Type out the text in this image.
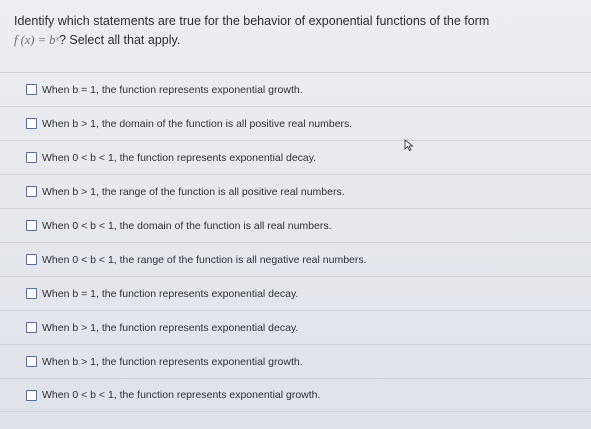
Identify which statements are true for the behavior of exponential functions of the form
f (x) = bˣ? Select all that apply.
When b = 1, the function represents exponential growth.
When b > 1, the domain of the function is all positive real numbers.
When 0 < b < 1, the function represents exponential decay.
When b > 1, the range of the function is all positive real numbers.
When 0 < b < 1, the domain of the function is all real numbers.
When 0 < b < 1, the range of the function is all negative real numbers.
When b = 1, the function represents exponential decay.
When b > 1, the function represents exponential decay.
When b > 1, the function represents exponential growth.
When 0 < b < 1, the function represents exponential growth.
